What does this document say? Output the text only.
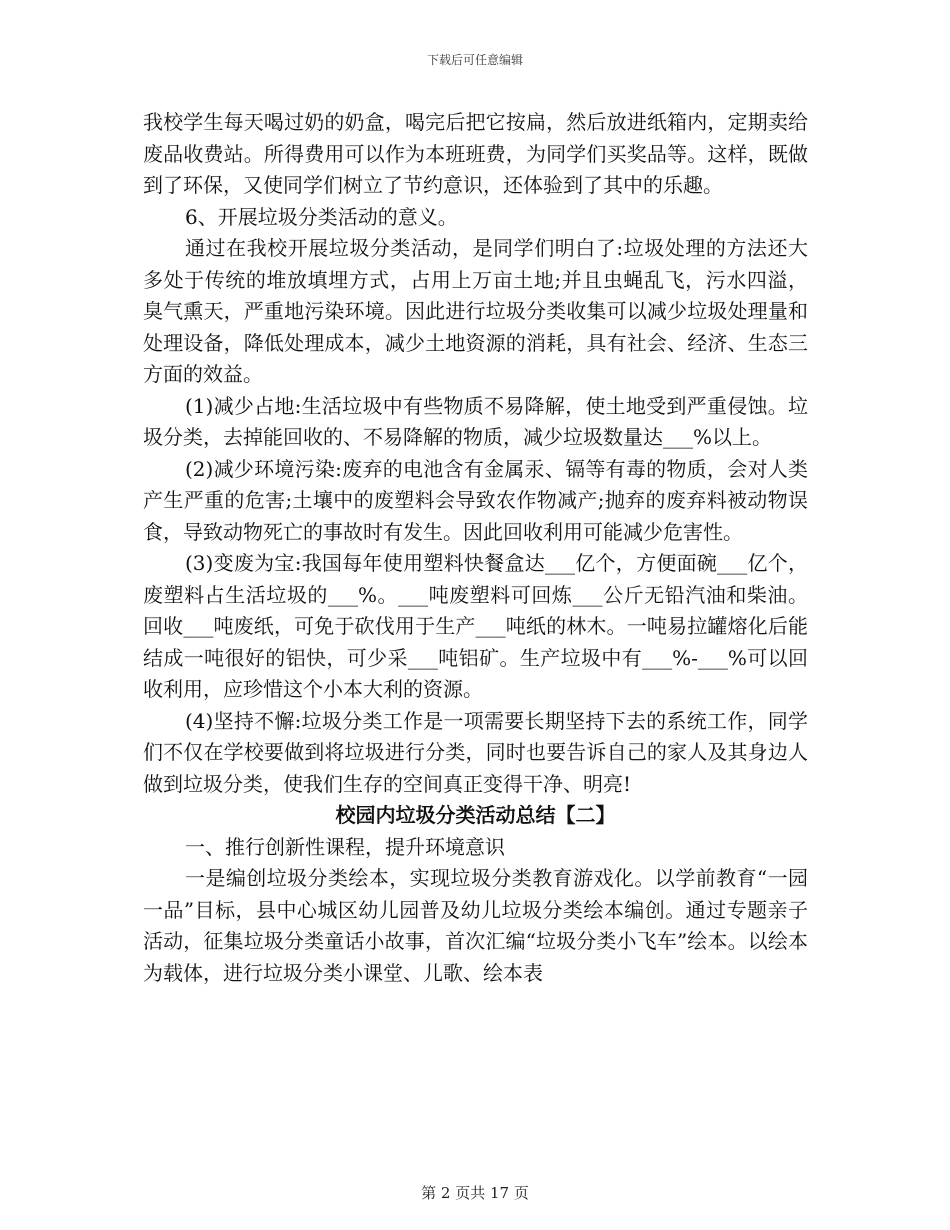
下载后可任意编辑

我校学生每天喝过奶的奶盒，喝完后把它按扁，然后放进纸箱内，定期卖给废品收费站。所得费用可以作为本班班费，为同学们买奖品等。这样，既做到了环保，又使同学们树立了节约意识，还体验到了其中的乐趣。

6、开展垃圾分类活动的意义。

通过在我校开展垃圾分类活动，是同学们明白了:垃圾处理的方法还大多处于传统的堆放填埋方式，占用上万亩土地;并且虫蝇乱飞，污水四溢，臭气熏天，严重地污染环境。因此进行垃圾分类收集可以减少垃圾处理量和处理设备，降低处理成本，减少土地资源的消耗，具有社会、经济、生态三方面的效益。

(1)减少占地:生活垃圾中有些物质不易降解，使土地受到严重侵蚀。垃圾分类，去掉能回收的、不易降解的物质，减少垃圾数量达___%以上。

(2)减少环境污染:废弃的电池含有金属汞、镉等有毒的物质，会对人类产生严重的危害;土壤中的废塑料会导致农作物减产;抛弃的废弃料被动物误食，导致动物死亡的事故时有发生。因此回收利用可能减少危害性。

(3)变废为宝:我国每年使用塑料快餐盒达___亿个，方便面碗___亿个，废塑料占生活垃圾的___%。___吨废塑料可回炼___公斤无铅汽油和柴油。回收___吨废纸，可免于砍伐用于生产___吨纸的林木。一吨易拉罐熔化后能结成一吨很好的铝快，可少采___吨铝矿。生产垃圾中有___%-___%可以回收利用，应珍惜这个小本大利的资源。

(4)坚持不懈:垃圾分类工作是一项需要长期坚持下去的系统工作，同学们不仅在学校要做到将垃圾进行分类，同时也要告诉自己的家人及其身边人做到垃圾分类，使我们生存的空间真正变得干净、明亮!

校园内垃圾分类活动总结【二】

一、推行创新性课程，提升环境意识

一是编创垃圾分类绘本，实现垃圾分类教育游戏化。以学前教育“一园一品”目标，县中心城区幼儿园普及幼儿垃圾分类绘本编创。通过专题亲子活动，征集垃圾分类童话小故事，首次汇编“垃圾分类小飞车”绘本。以绘本为载体，进行垃圾分类小课堂、儿歌、绘本表

第 2 页共 17 页
